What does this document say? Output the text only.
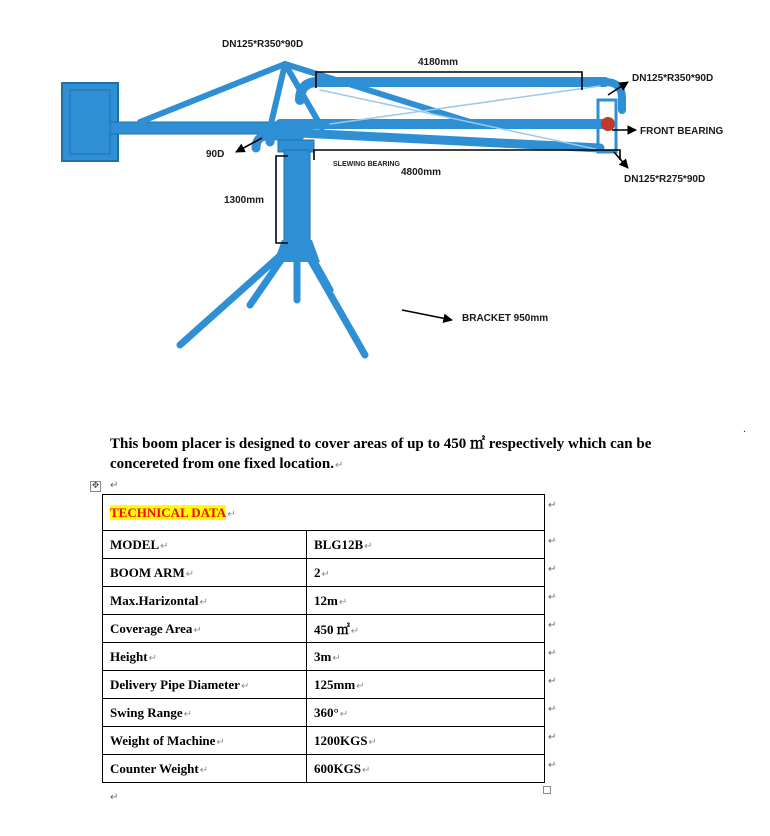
DN125*R350*90D
4180mm
DN125*R350*90D
FRONT BEARING
DN125*R275*90D
90D
SLEWING BEARING
4800mm
1300mm
BRACKET 950mm
.

This boom placer is designed to cover areas of up to 450 ㎡ respectively which can be concereted from one fixed location.↵

✥ ↵
TECHNICAL DATA↵	
MODEL↵	BLG12B↵
BOOM ARM↵	2↵
Max.Harizontal↵	12m↵
Coverage Area↵	450 ㎡↵
Height↵	3m↵
Delivery Pipe Diameter↵	125mm↵
Swing Range↵	360°↵
Weight of Machine↵	1200KGS↵
Counter Weight↵	600KGS↵
↵
↵
↵
↵
↵
↵
↵
↵
↵
↵
↵
